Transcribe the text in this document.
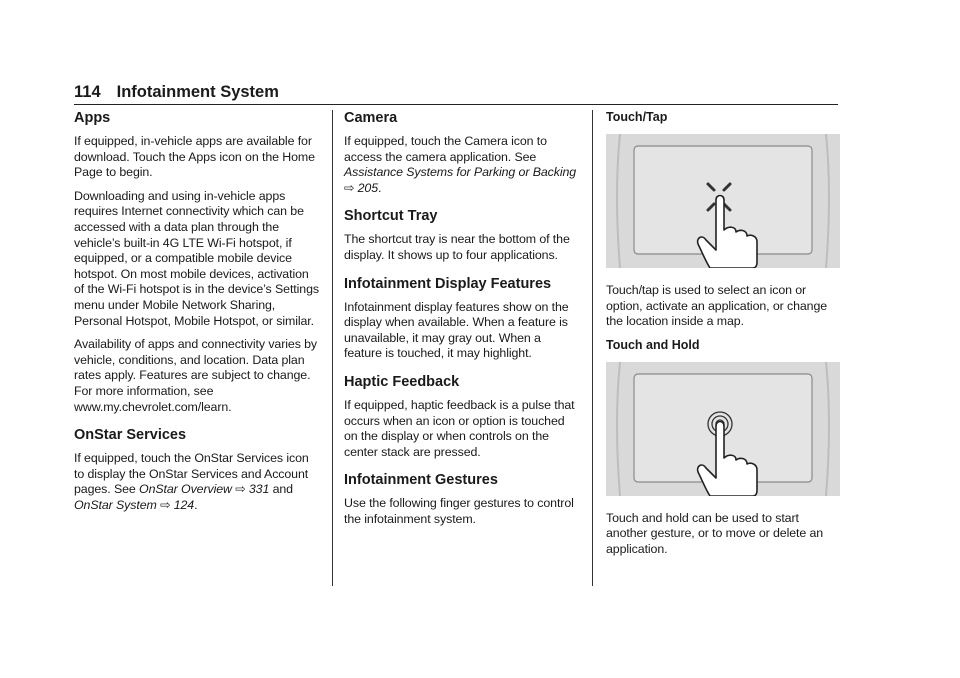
114 Infotainment System
Apps

If equipped, in-vehicle apps are available for download. Touch the Apps icon on the Home Page to begin.

Downloading and using in-vehicle apps requires Internet connectivity which can be accessed with a data plan through the vehicle’s built-in 4G LTE Wi-Fi hotspot, if equipped, or a compatible mobile device hotspot. On most mobile devices, activation of the Wi-Fi hotspot is in the device’s Settings menu under Mobile Network Sharing, Personal Hotspot, Mobile Hotspot, or similar.

Availability of apps and connectivity varies by vehicle, conditions, and location. Data plan rates apply. Features are subject to change. For more information, see www.my.chevrolet.com/learn.

OnStar Services

If equipped, touch the OnStar Services icon to display the OnStar Services and Account pages. See OnStar Overview ⇨ 331 and OnStar System ⇨ 124.

Camera

If equipped, touch the Camera icon to access the camera application. See Assistance Systems for Parking or Backing ⇨ 205.

Shortcut Tray

The shortcut tray is near the bottom of the display. It shows up to four applications.

Infotainment Display Features

Infotainment display features show on the display when available. When a feature is unavailable, it may gray out. When a feature is touched, it may highlight.

Haptic Feedback

If equipped, haptic feedback is a pulse that occurs when an icon or option is touched on the display or when controls on the center stack are pressed.

Infotainment Gestures

Use the following finger gestures to control the infotainment system.

Touch/Tap

Touch/tap is used to select an icon or option, activate an application, or change the location inside a map.

Touch and Hold

Touch and hold can be used to start another gesture, or to move or delete an application.
